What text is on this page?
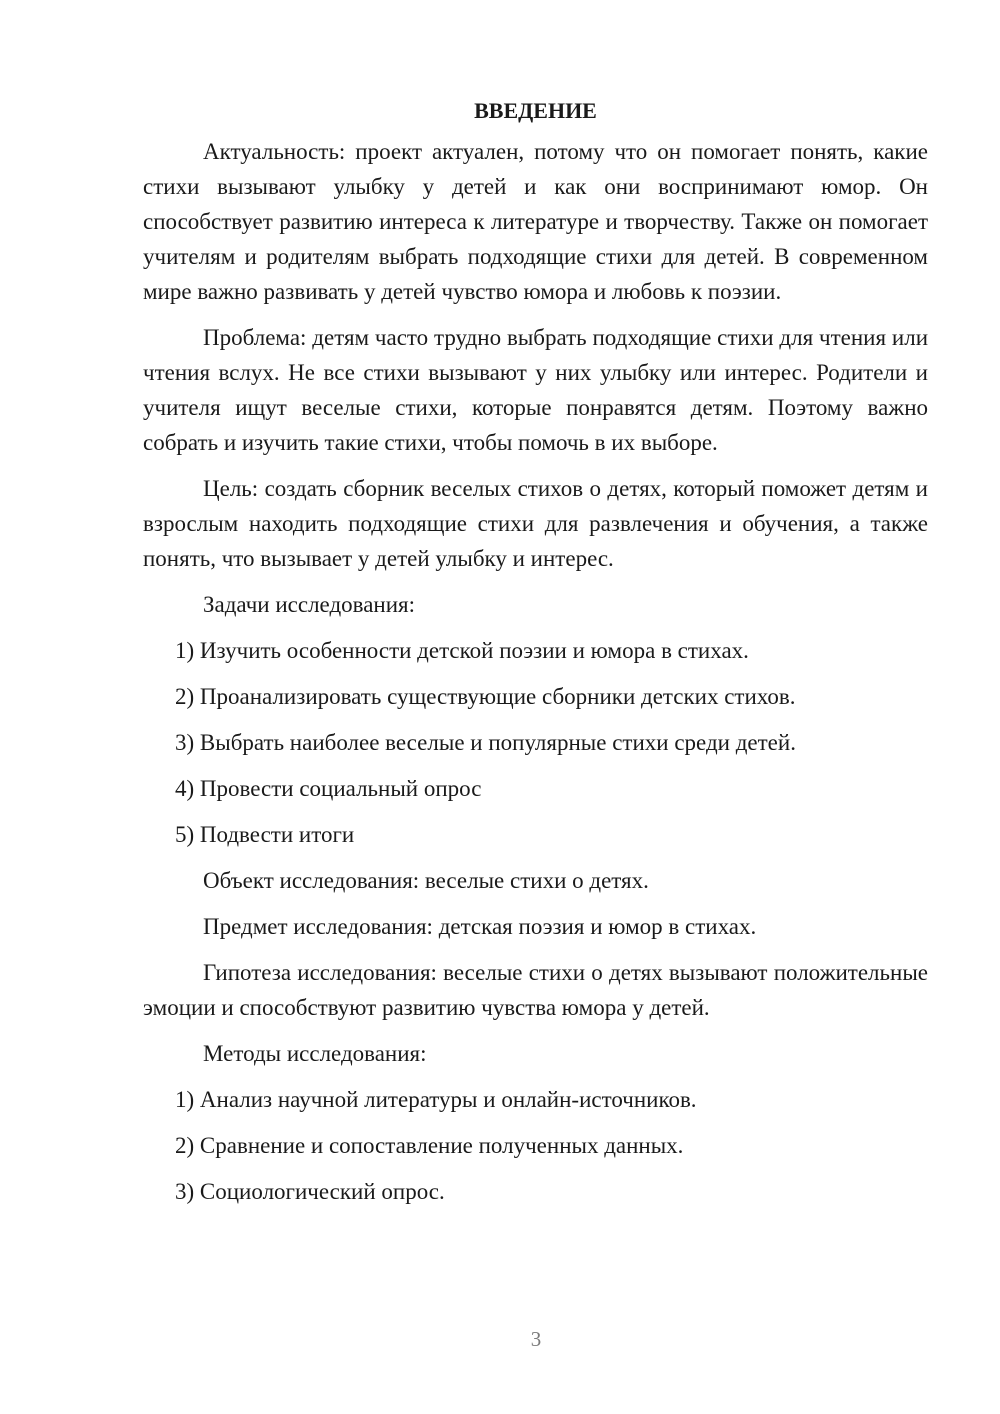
ВВЕДЕНИЕ

Актуальность: проект актуален, потому что он помогает понять, какие стихи вызывают улыбку у детей и как они воспринимают юмор. Он способствует развитию интереса к литературе и творчеству. Также он помогает учителям и родителям выбрать подходящие стихи для детей. В современном мире важно развивать у детей чувство юмора и любовь к поэзии.

Проблема: детям часто трудно выбрать подходящие стихи для чтения или чтения вслух. Не все стихи вызывают у них улыбку или интерес. Родители и учителя ищут веселые стихи, которые понравятся детям. Поэтому важно собрать и изучить такие стихи, чтобы помочь в их выборе.

Цель: создать сборник веселых стихов о детях, который поможет детям и взрослым находить подходящие стихи для развлечения и обучения, а также понять, что вызывает у детей улыбку и интерес.

Задачи исследования:
1) Изучить особенности детской поэзии и юмора в стихах.
2) Проанализировать существующие сборники детских стихов.
3) Выбрать наиболее веселые и популярные стихи среди детей.
4) Провести социальный опрос
5) Подвести итоги
Объект исследования: веселые стихи о детях.
Предмет исследования: детская поэзия и юмор в стихах.

Гипотеза исследования: веселые стихи о детях вызывают положительные эмоции и способствуют развитию чувства юмора у детей.

Методы исследования:
1) Анализ научной литературы и онлайн-источников.
2) Сравнение и сопоставление полученных данных.
3) Социологический опрос.
3
